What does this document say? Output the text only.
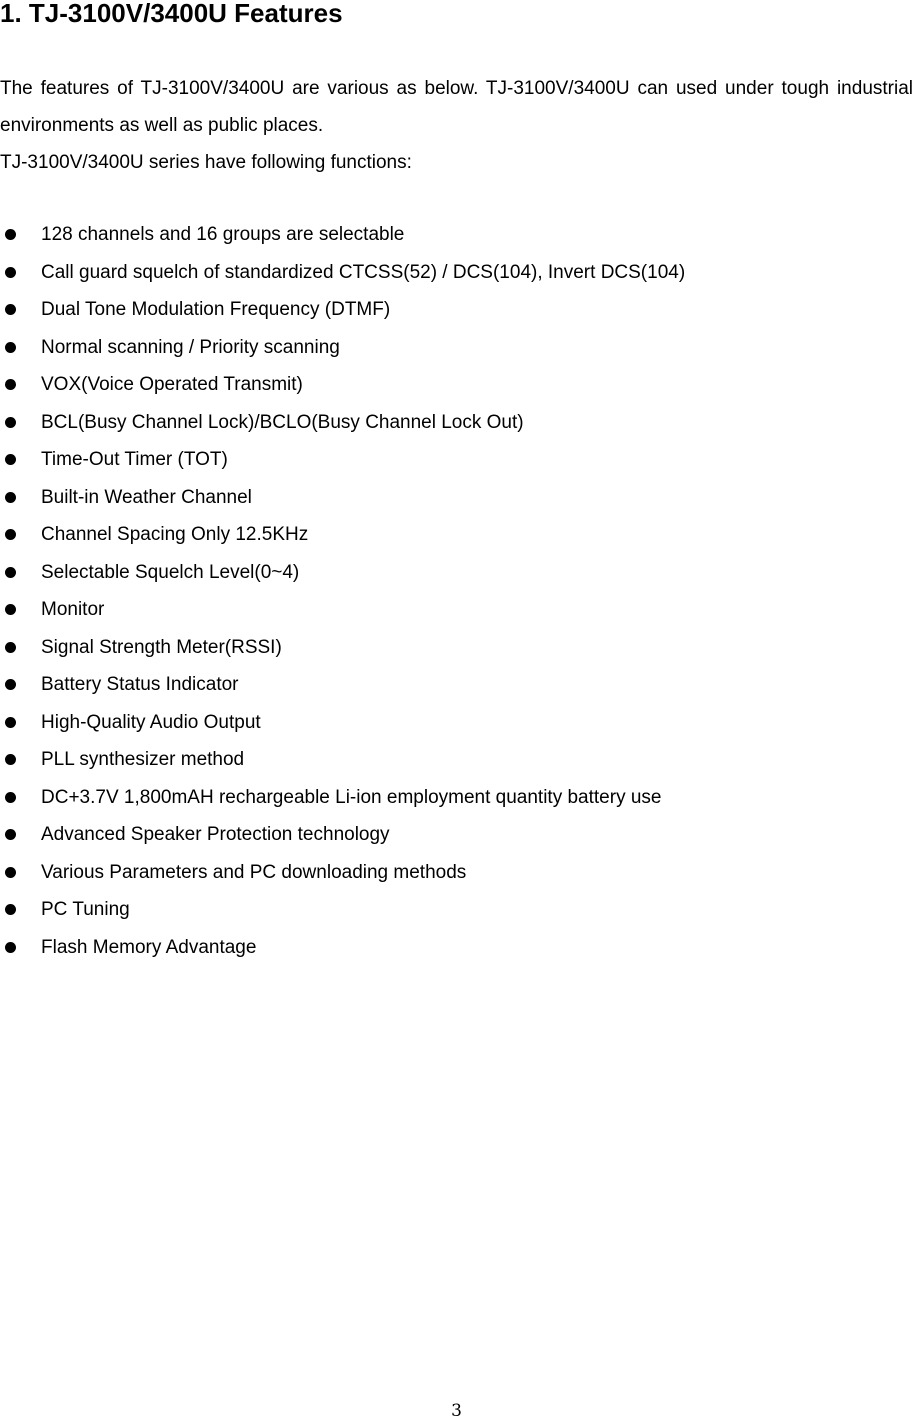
1. TJ-3100V/3400U Features

The features of TJ-3100V/3400U are various as below. TJ-3100V/3400U can used under tough industrial environments as well as public places.

TJ-3100V/3400U series have following functions:

128 channels and 16 groups are selectable
Call guard squelch of standardized CTCSS(52) / DCS(104), Invert DCS(104)
Dual Tone Modulation Frequency (DTMF)
Normal scanning / Priority scanning
VOX(Voice Operated Transmit)
BCL(Busy Channel Lock)/BCLO(Busy Channel Lock Out)
Time-Out Timer (TOT)
Built-in Weather Channel
Channel Spacing Only 12.5KHz
Selectable Squelch Level(0~4)
Monitor
Signal Strength Meter(RSSI)
Battery Status Indicator
High-Quality Audio Output
PLL synthesizer method
DC+3.7V 1,800mAH rechargeable Li-ion employment quantity battery use
Advanced Speaker Protection technology
Various Parameters and PC downloading methods
PC Tuning
Flash Memory Advantage
3
